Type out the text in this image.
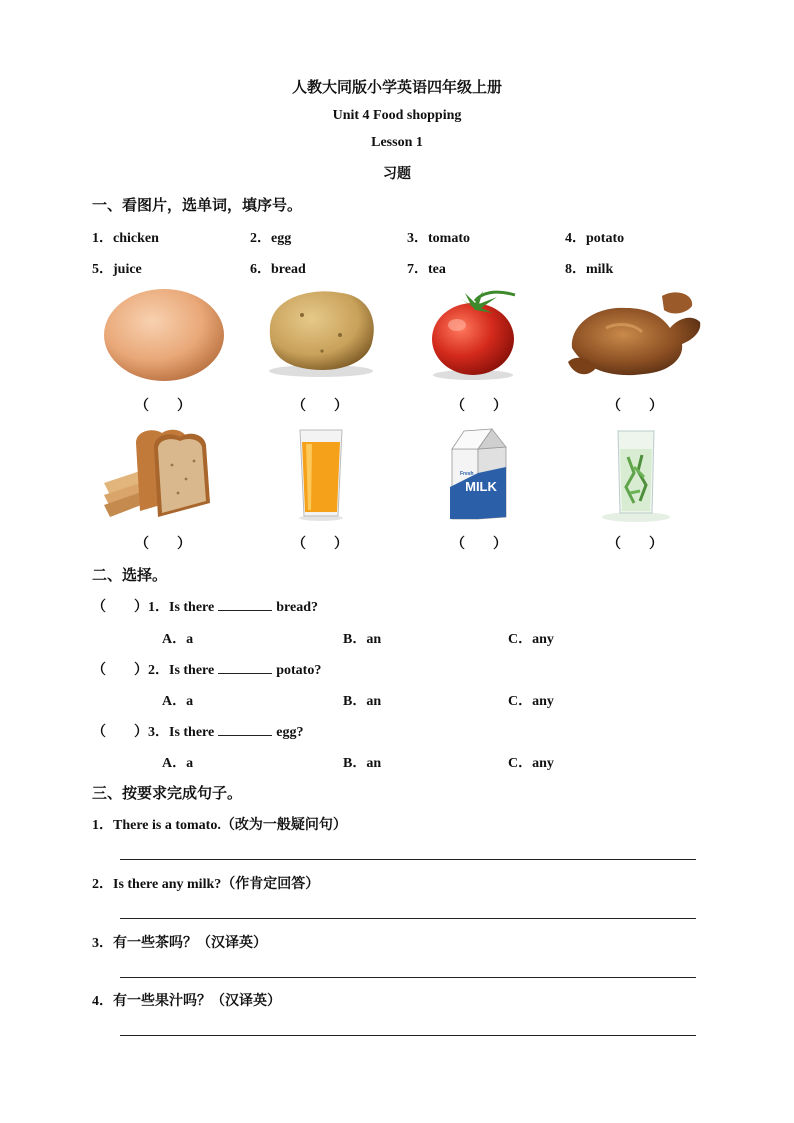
人教大同版小学英语四年级上册
Unit 4 Food shopping
Lesson 1
习题
一、看图片，选单词，填序号。
1．chicken	2．egg	3．tomato	4．potato
5．juice	6．bread	7．tea	8．milk
（　　）	（　　）	（　　）	（　　）
MILK
Fresh
（　　）	（　　）	（　　）	（　　）
二、选择。
（　　）1．Is there	bread?
A．a	B．an	C．any
（　　）2．Is there	potato?
A．a	B．an	C．any
（　　）3．Is there	egg?
A．a	B．an	C．any
三、按要求完成句子。
1．There is a tomato.（改为一般疑问句）
2．Is there any milk?（作肯定回答）
3．有一些茶吗？（汉译英）
4．有一些果汁吗？（汉译英）
